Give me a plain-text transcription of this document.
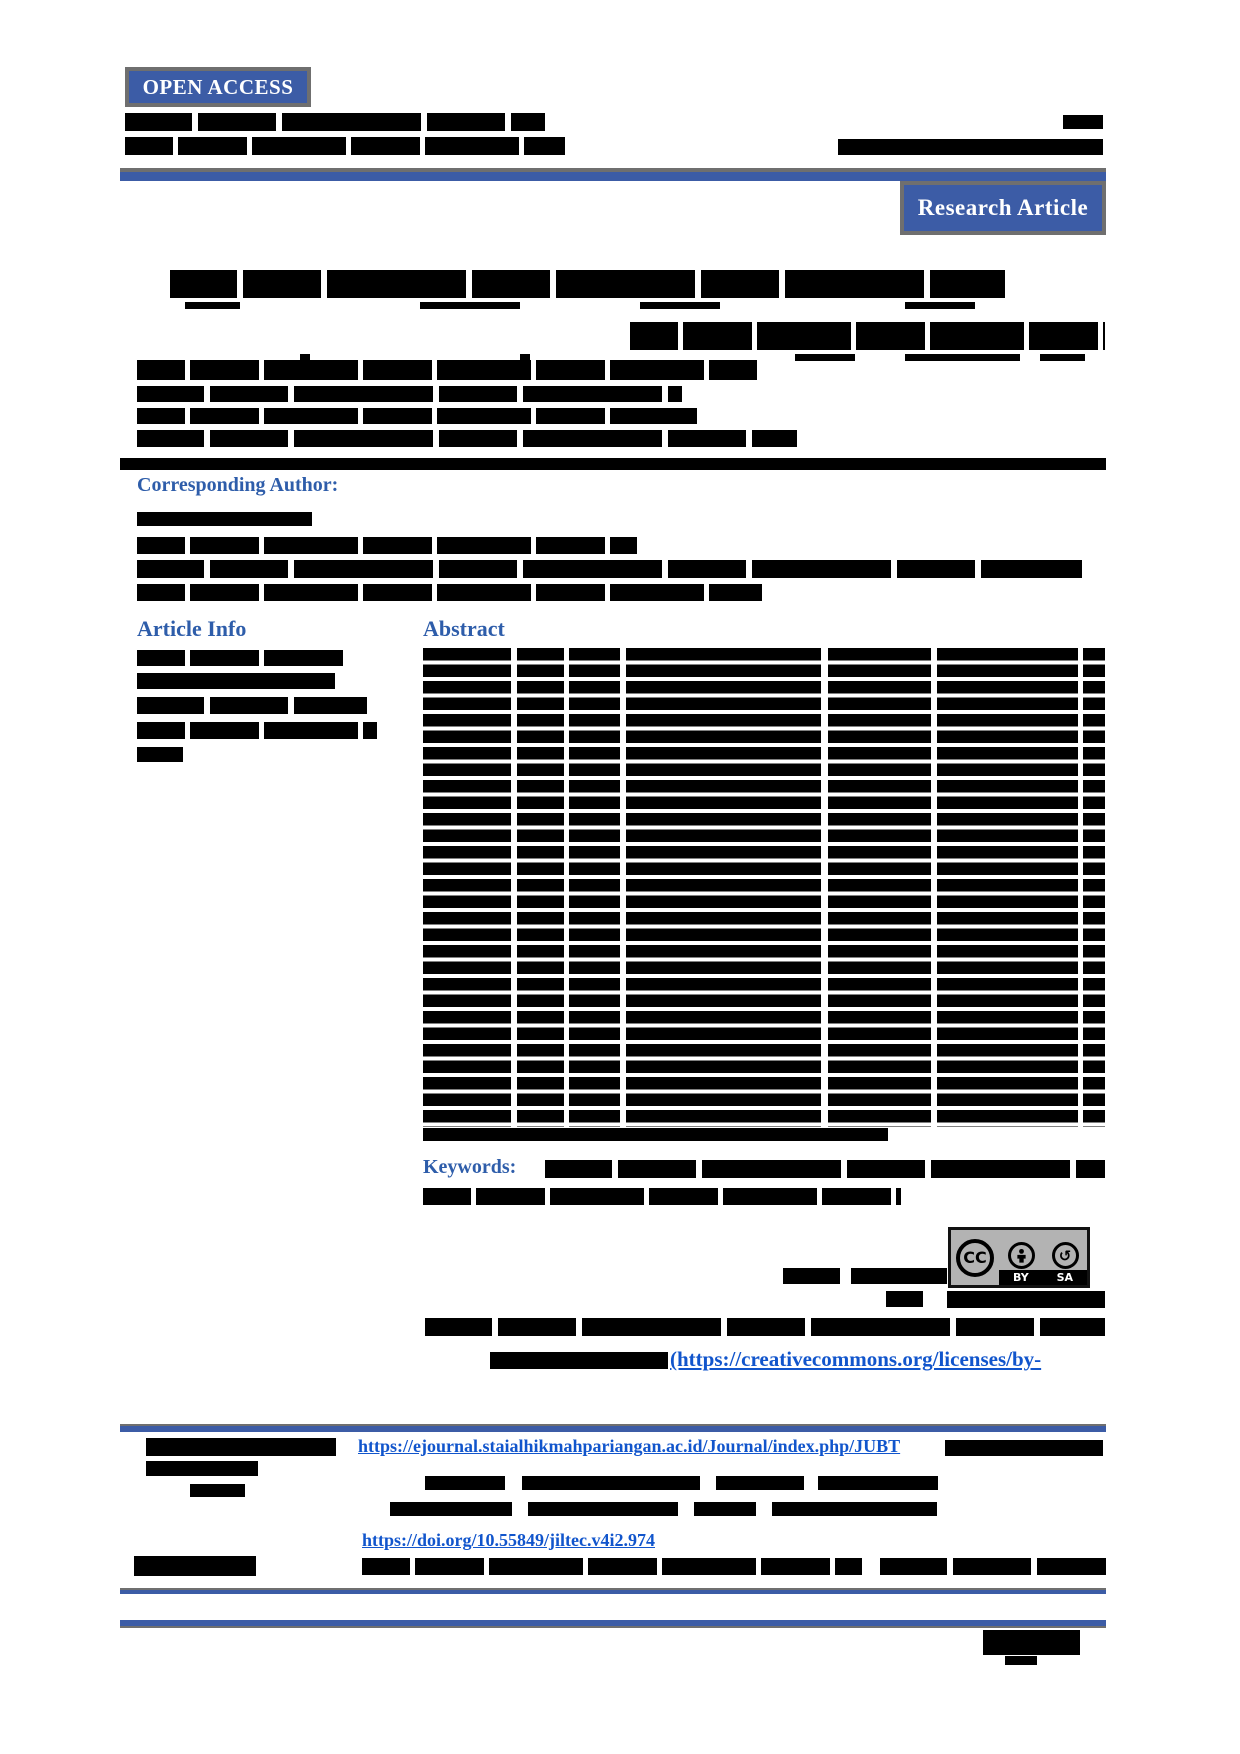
OPEN ACCESS
Research Article
Corresponding Author:
Article Info	Abstract
Keywords:
CC	↺
BY	SA
(https://creativecommons.org/licenses/by-
https://ejournal.staialhikmahpariangan.ac.id/Journal/index.php/JUBT
https://doi.org/10.55849/jiltec.v4i2.974
